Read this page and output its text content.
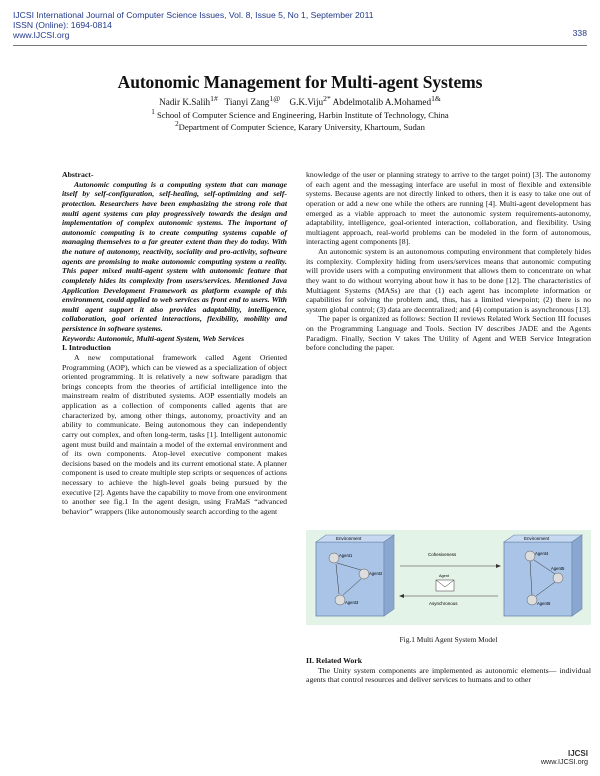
IJCSI International Journal of Computer Science Issues, Vol. 8, Issue 5, No 1, September 2011
ISSN (Online): 1694-0814
www.IJCSI.org	338
Autonomic Management for Multi-agent Systems
Nadir K.Salih$^{1\#}$ Tianyi Zang$^{1@}$ G.K.Viju$^{2*}$ Abdelmotalib A.Mohamed$^{1\&}$
$^1$ School of Computer Science and Engineering, Harbin Institute of Technology, China
$^2$Department of Computer Science, Karary University, Khartoum, Sudan

Abstract-

Autonomic computing is a computing system that can manage itself by self-configuration, self-healing, self-optimizing and self-protection. Researchers have been emphasizing the strong role that multi agent systems can play progressively towards the design and implementation of complex autonomic systems. The important of autonomic computing is to create computing systems capable of managing themselves to a far greater extent than they do today. With the nature of autonomy, reactivity, sociality and pro-activity, software agents are promising to make autonomic computing system a reality. This paper mixed multi-agent system with autonomic feature that completely hides its complexity from users/services. Mentioned Java Application Development Framework as platform example of this environment, could applied to web services as front end to users. With multi agent support it also provides adaptability, intelligence, collaboration, goal oriented interactions, flexibility, mobility and persistence in software systems.

Keywords: Autonomic, Multi-agent System, Web Services

I. Introduction

A new computational framework called Agent Oriented Programming (AOP), which can be viewed as a specialization of object oriented programming. It is relatively a new software paradigm that brings concepts from the theories of artificial intelligence into the mainstream realm of distributed systems. AOP essentially models an application as a collection of components called agents that are characterized by, among other things, autonomy, proactivity and an ability to communicate. Being autonomous they can independently carry out complex, and often long-term, tasks [1]. Intelligent autonomic agent must build and maintain a model of the external environment and of its own components. Atop-level executive component makes decisions based on the models and its current emotional state. A planner component is used to create multiple step scripts or sequences of actions necessary to achieve the high-level goals being pursued by the executive [2]. Agents have the capability to move from one environment to another see fig.1 In the agent design, using FraMaS “advanced behavior” wrappers (like autonomously search according to the agent

knowledge of the user or planning strategy to arrive to the target point) [3]. The autonomy of each agent and the messaging interface are useful in most of flexible and extensible systems. Because agents are not directly linked to others, then it is easy to take one out of operation or add a new one while the others are running [4]. Multi-agent development has emerged as a viable approach to meet the autonomic system requirements-autonomy, adaptability, intelligence, goal-oriented interaction, collaboration, and flexibility. Using multiagent approach, real-world problems can be modeled in the form of autonomous, interacting agent components [8].

An autonomic system is an autonomous computing environment that completely hides its complexity. Complexity hiding from users/services means that autonomic computing will provide users with a computing environment that allows them to concentrate on what they want to do without worrying about how it has to be done [12]. The characteristics of Multiagent Systems (MASs) are that (1) each agent has incomplete information or capabilities for solving the problem and, thus, has a limited viewpoint; (2) there is no system global control; (3) data are decentralized; and (4) computation is asynchronous [13].

The paper is organized as follows: Section II reviews Related Work Section III focuses on the Programming Language and Tools. Section IV describes JADE and the Agents Paradigm. Finally, Section V takes The Utility of Agent and WEB Service Integration before concluding the paper.

Environment
Agent1
Agent2
Agent3
Environment
Agent4
Agent5
Agent6
Cohesiveness
Agent
Asynchronous
Fig.1 Multi Agent System Model

II. Related Work

The Unity system components are implemented as autonomic elements— individual agents that control resources and deliver services to humans and to other

IJCSI
www.IJCSI.org
